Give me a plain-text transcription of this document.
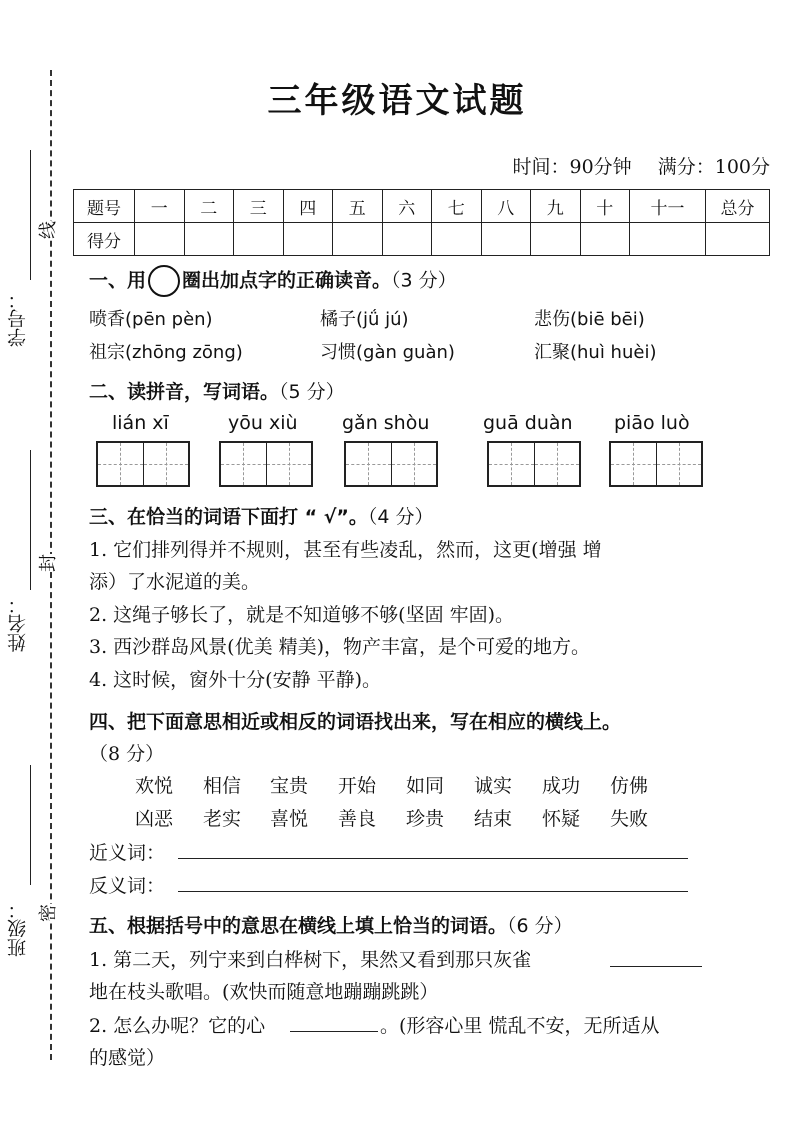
学号：
姓名：
班级：
线
封
密
三年级语文试题
时间：90分钟 满分：100分
题号	一	二	三	四	五	六	七	八	九	十	十一	总分
得分												
一、用 圈出加点字的正确读音。（3 分）
喷香(pēn pèn)	橘子(jǘ jú)	悲伤(biē bēi)
祖宗(zhōng zōng)	习惯(gàn guàn)	汇聚(huì huèi)
二、读拼音，写词语。（5 分）
lián xī	yōu xiù gǎn shòu	guā duàn piāo luò
三、在恰当的词语下面打 “ √”。（4 分）
1. 它们排列得并不规则，甚至有些凌乱，然而，这更(增强 增
添）了水泥道的美。
2. 这绳子够长了，就是不知道够不够(坚固 牢固)。
3. 西沙群岛风景(优美 精美)，物产丰富，是个可爱的地方。
4. 这时候，窗外十分(安静 平静)。
四、把下面意思相近或相反的词语找出来，写在相应的横线上。
（8 分）
欢悦 相信 宝贵 开始 如同 诚实 成功 仿佛
凶恶 老实 喜悦 善良 珍贵 结束 怀疑 失败
近义词：
反义词：
五、根据括号中的意思在横线上填上恰当的词语。（6 分）
1. 第二天，列宁来到白桦树下，果然又看到那只灰雀
地在枝头歌唱。(欢快而随意地蹦蹦跳跳）
2. 怎么办呢？它的心	。(形容心里 慌乱不安，无所适从
的感觉）
